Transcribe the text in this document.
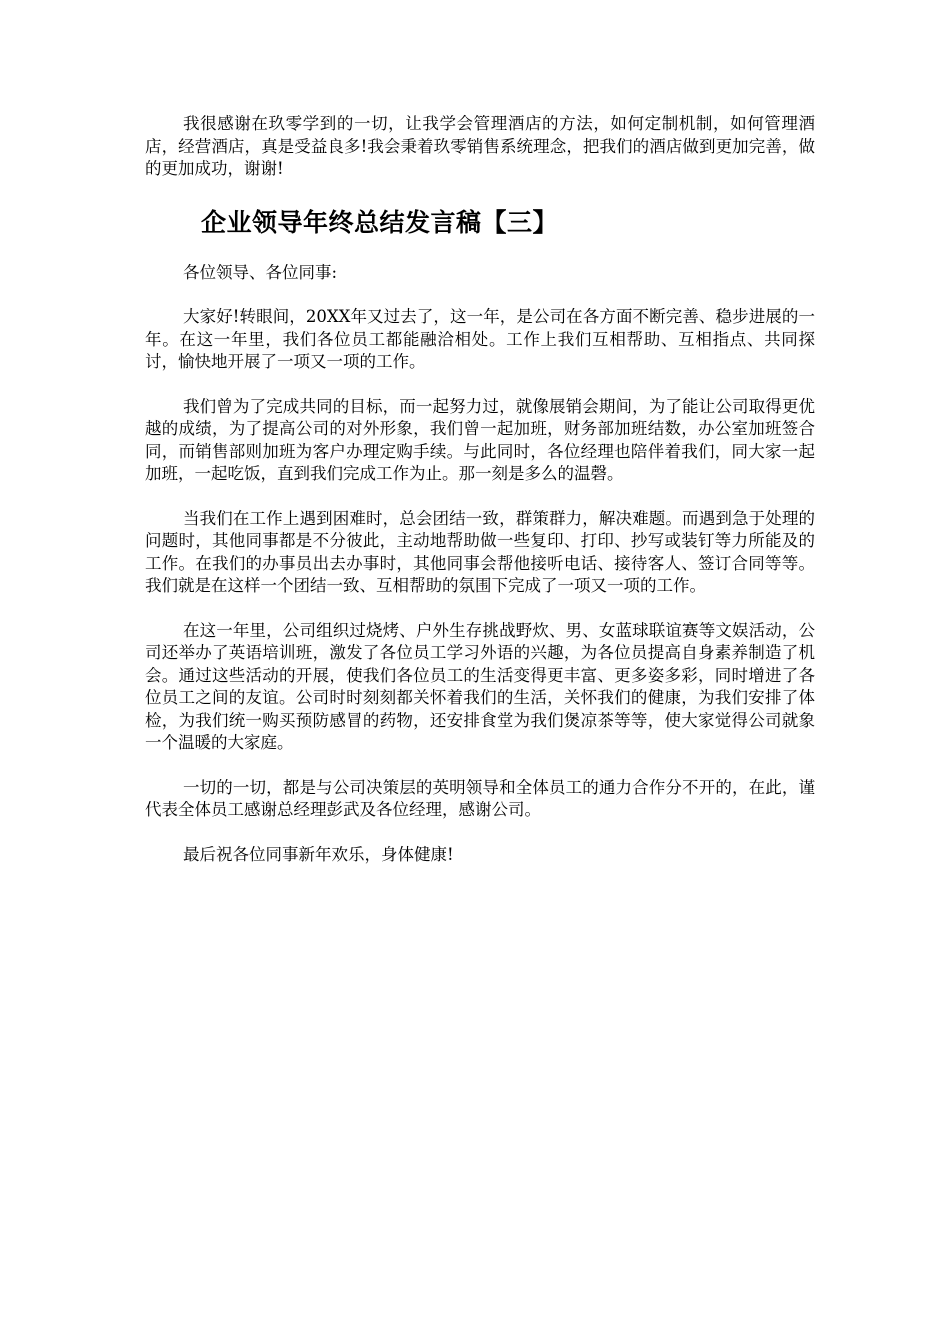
我很感谢在玖零学到的一切，让我学会管理酒店的方法，如何定制机制，如何管理酒店，经营酒店，真是受益良多!我会秉着玖零销售系统理念，把我们的酒店做到更加完善，做的更加成功，谢谢!

企业领导年终总结发言稿【三】

各位领导、各位同事:

大家好!转眼间，20XX年又过去了，这一年，是公司在各方面不断完善、稳步进展的一年。在这一年里，我们各位员工都能融洽相处。工作上我们互相帮助、互相指点、共同探讨，愉快地开展了一项又一项的工作。

我们曾为了完成共同的目标，而一起努力过，就像展销会期间，为了能让公司取得更优越的成绩，为了提高公司的对外形象，我们曾一起加班，财务部加班结数，办公室加班签合同，而销售部则加班为客户办理定购手续。与此同时，各位经理也陪伴着我们，同大家一起加班，一起吃饭，直到我们完成工作为止。那一刻是多么的温磬。

当我们在工作上遇到困难时，总会团结一致，群策群力，解决难题。而遇到急于处理的问题时，其他同事都是不分彼此，主动地帮助做一些复印、打印、抄写或装钉等力所能及的工作。在我们的办事员出去办事时，其他同事会帮他接听电话、接待客人、签订合同等等。我们就是在这样一个团结一致、互相帮助的氛围下完成了一项又一项的工作。

在这一年里，公司组织过烧烤、户外生存挑战野炊、男、女蓝球联谊赛等文娱活动，公司还举办了英语培训班，激发了各位员工学习外语的兴趣，为各位员提高自身素养制造了机会。通过这些活动的开展，使我们各位员工的生活变得更丰富、更多姿多彩，同时增进了各位员工之间的友谊。公司时时刻刻都关怀着我们的生活，关怀我们的健康，为我们安排了体检，为我们统一购买预防感冒的药物，还安排食堂为我们煲凉茶等等，使大家觉得公司就象一个温暖的大家庭。

一切的一切，都是与公司决策层的英明领导和全体员工的通力合作分不开的，在此，谨代表全体员工感谢总经理彭武及各位经理，感谢公司。

最后祝各位同事新年欢乐，身体健康!
